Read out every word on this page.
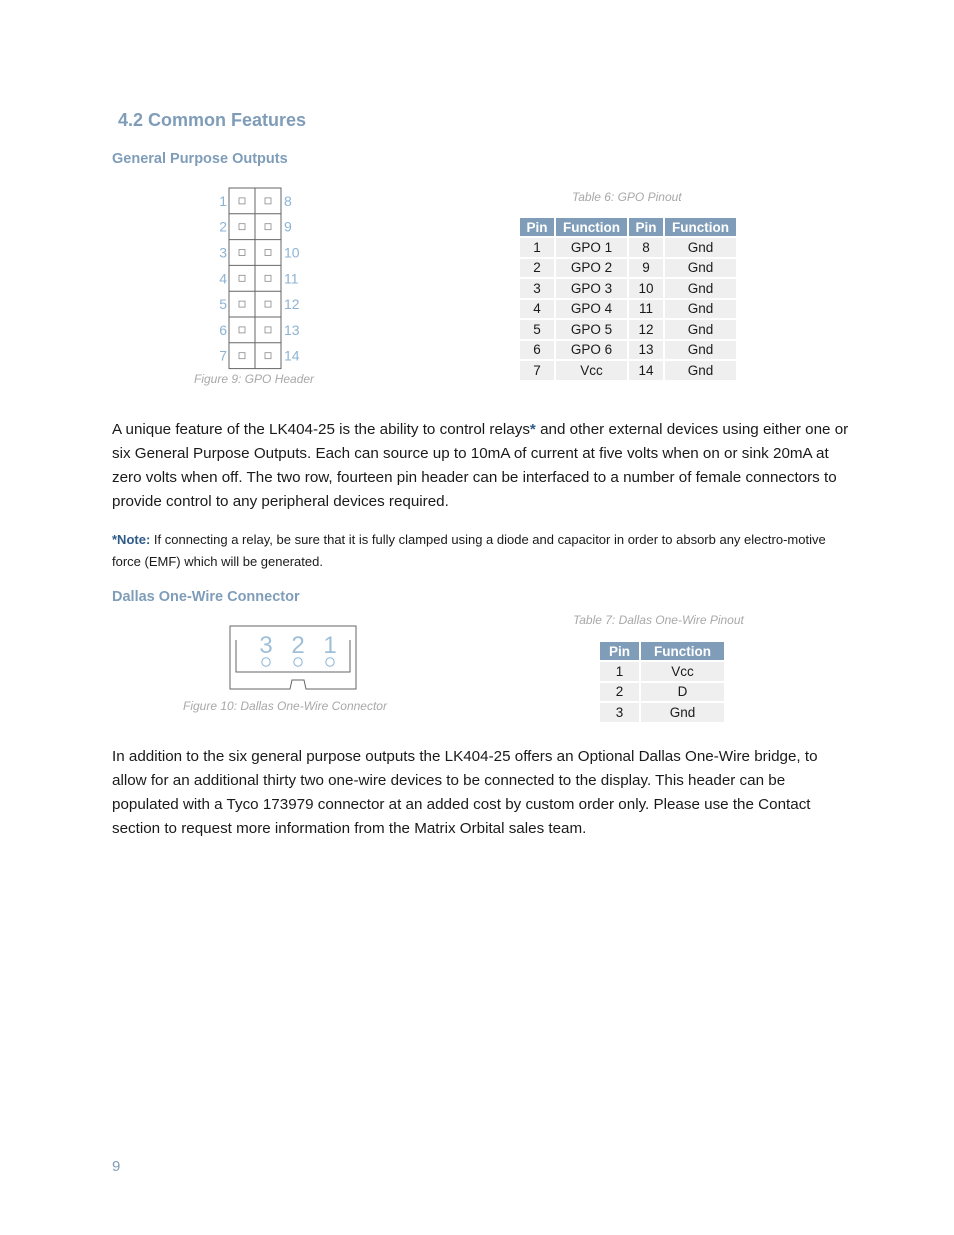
4.2 Common Features
General Purpose Outputs
1	8
2	9
3	10
4	11
5	12
6	13
7	14
Figure 9: GPO Header
Table 6: GPO Pinout
Pin	Function	Pin	Function
1	GPO 1	8	Gnd
2	GPO 2	9	Gnd
3	GPO 3	10	Gnd
4	GPO 4	11	Gnd
5	GPO 5	12	Gnd
6	GPO 6	13	Gnd
7	Vcc	14	Gnd
A unique feature of the LK404-25 is the ability to control relays* and other external devices using either one or six General Purpose Outputs. Each can source up to 10mA of current at five volts when on or sink 20mA at zero volts when off. The two row, fourteen pin header can be interfaced to a number of female connectors to provide control to any peripheral devices required.
*Note: If connecting a relay, be sure that it is fully clamped using a diode and capacitor in order to absorb any electro-motive force (EMF) which will be generated.
Dallas One-Wire Connector
3 2 1
Figure 10: Dallas One-Wire Connector
Table 7: Dallas One-Wire Pinout
Pin	Function
1	Vcc
2	D
3	Gnd
In addition to the six general purpose outputs the LK404-25 offers an Optional Dallas One-Wire bridge, to allow for an additional thirty two one-wire devices to be connected to the display. This header can be populated with a Tyco 173979 connector at an added cost by custom order only. Please use the Contact section to request more information from the Matrix Orbital sales team.
9
